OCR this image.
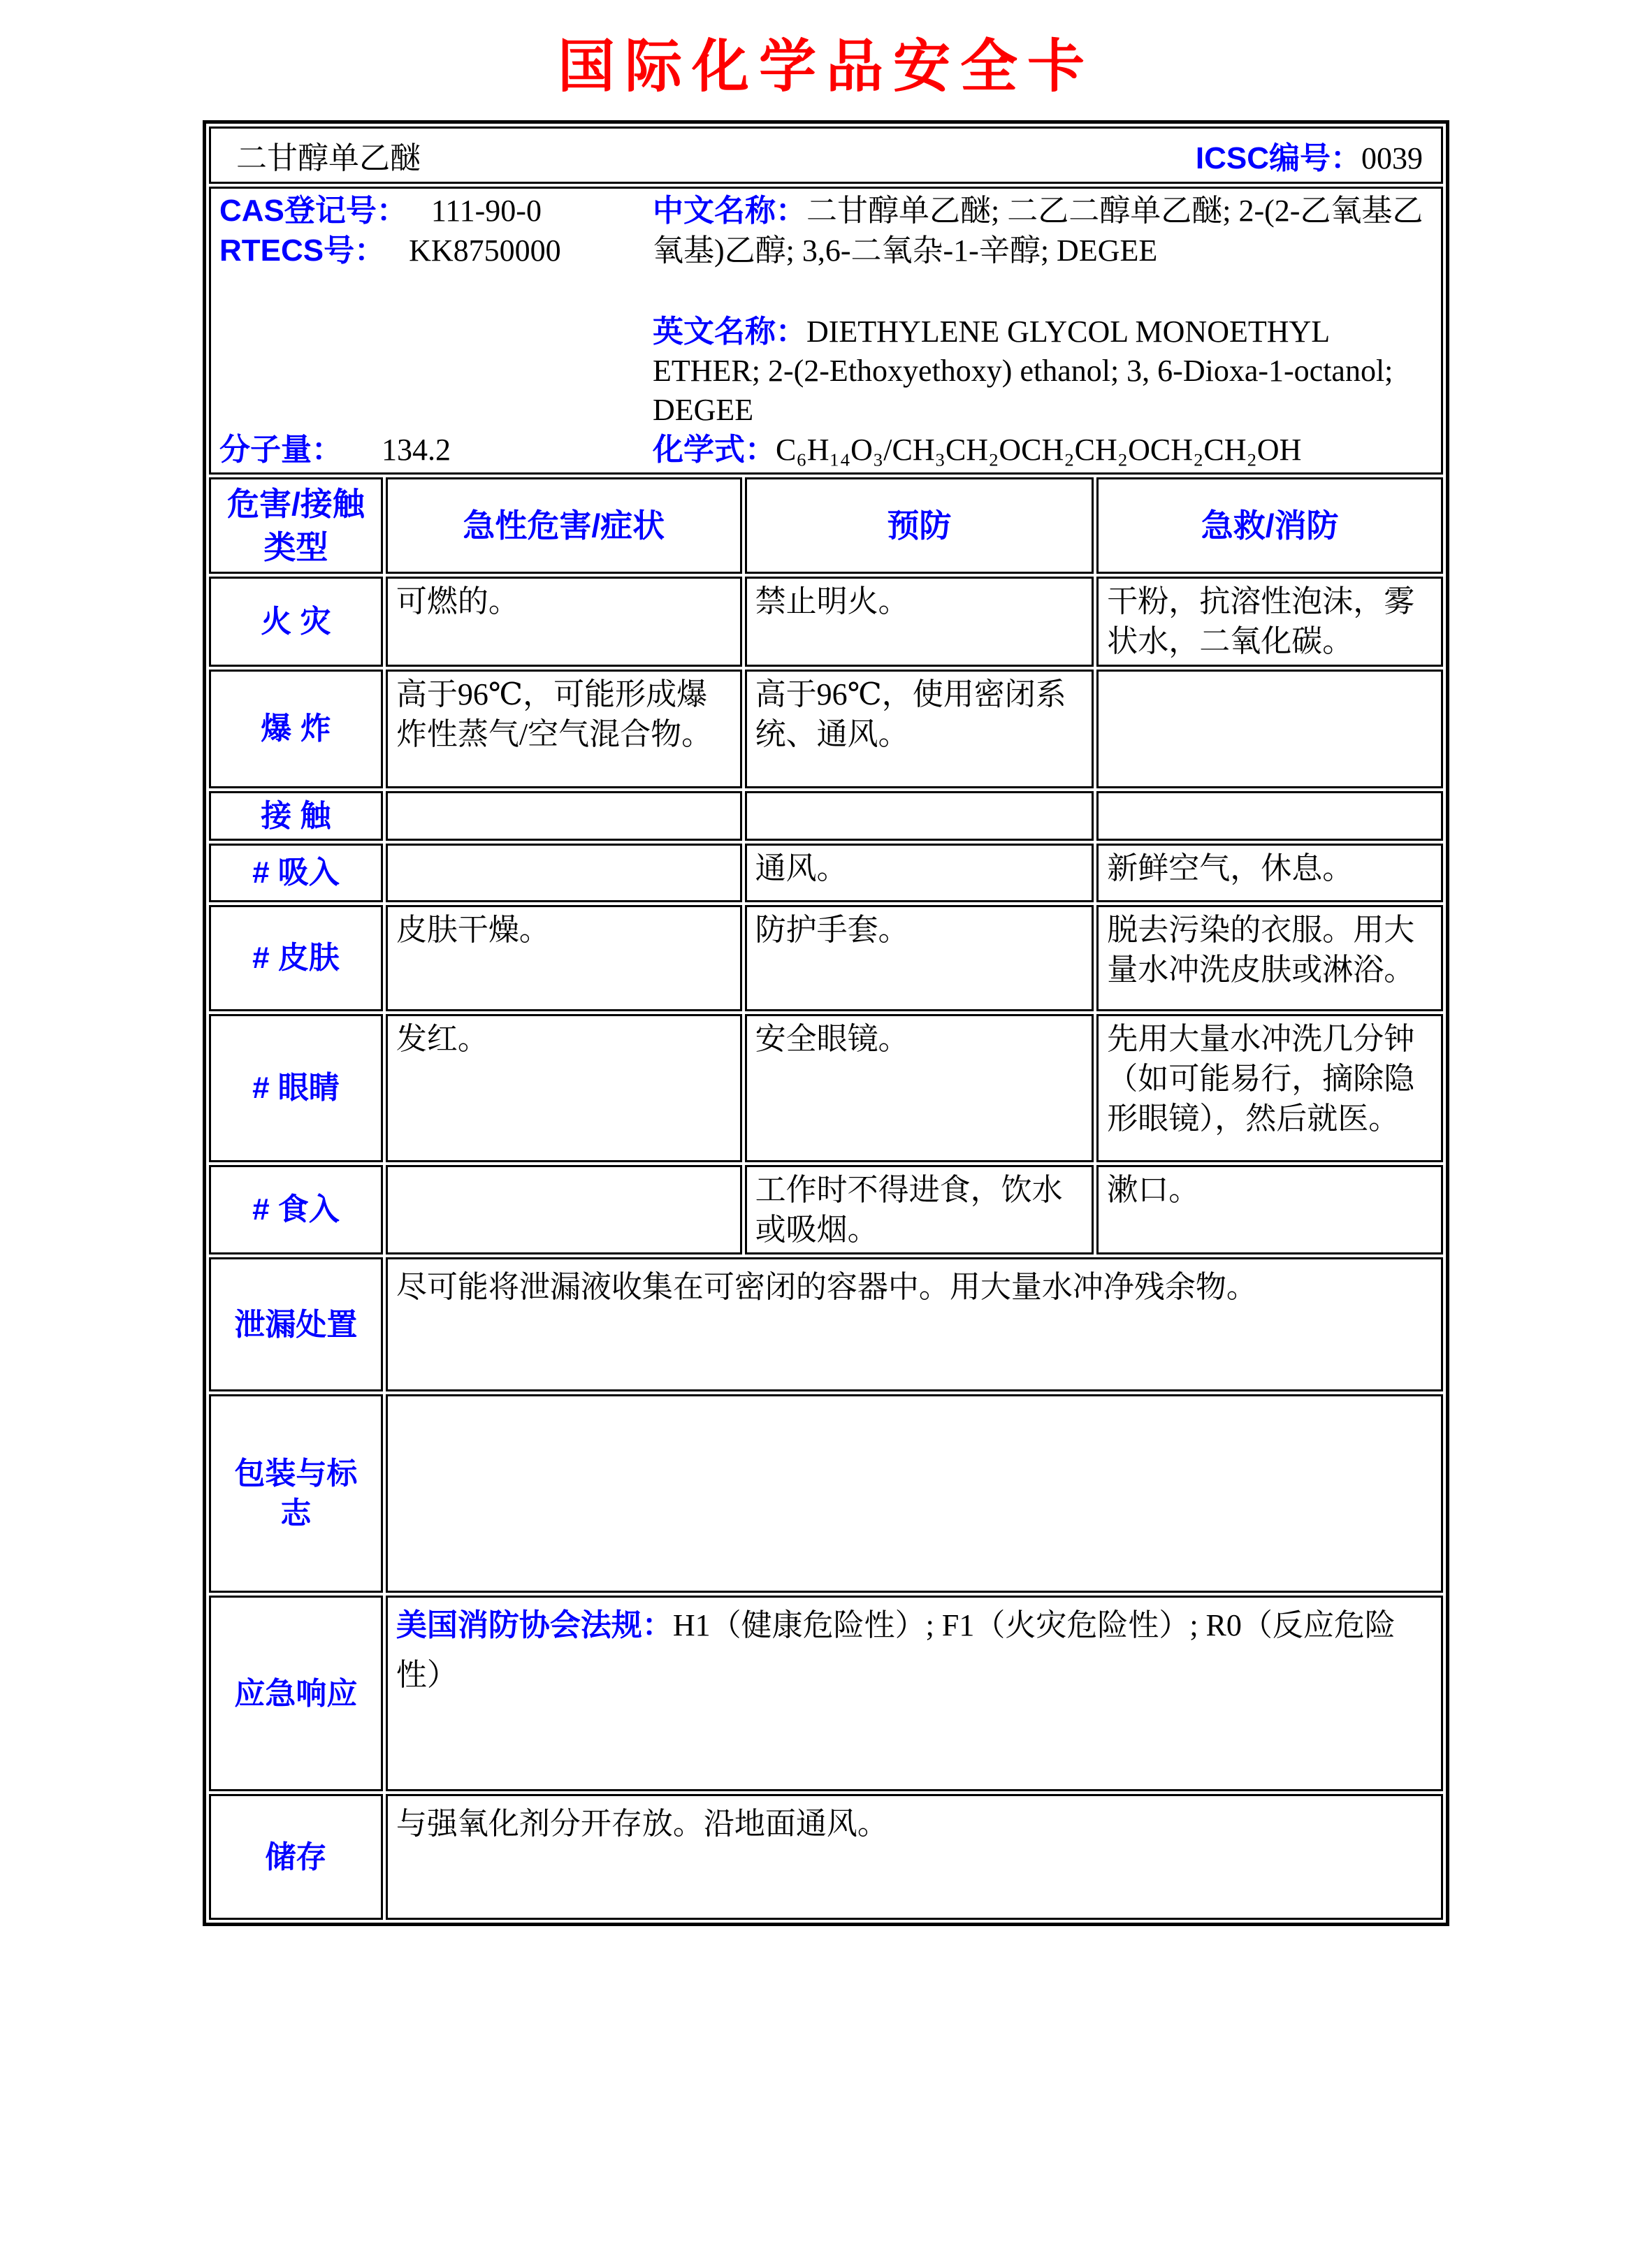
国际化学品安全卡
二甘醇单乙醚 ICSC编号：0039			

CAS登记号： 111-90-0

RTECS号： KK8750000

分子量： 134.2

中文名称：二甘醇单乙醚; 二乙二醇单乙醚; 2-(2-乙氧基乙氧基)乙醇; 3,6-二氧杂-1-辛醇; DEGEE

英文名称：DIETHYLENE GLYCOL MONOETHYL ETHER; 2-(2-Ethoxyethoxy) ethanol; 3, 6-Dioxa-1-octanol; DEGEE

化学式：C₆H₁₄O₃/CH₃CH₂OCH₂CH₂OCH₂CH₂OH

危害/接触类型	急性危害/症状	预防	急救/消防
火 灾	可燃的。	禁止明火。	干粉，抗溶性泡沫，雾状水，二氧化碳。
爆 炸	高于96℃，可能形成爆炸性蒸气/空气混合物。	高于96℃，使用密闭系统、通风。	
接 触			
# 吸入		通风。	新鲜空气，休息。
# 皮肤	皮肤干燥。	防护手套。	脱去污染的衣服。用大量水冲洗皮肤或淋浴。
# 眼睛	发红。	安全眼镜。	先用大量水冲洗几分钟（如可能易行，摘除隐形眼镜），然后就医。
# 食入		工作时不得进食，饮水或吸烟。	漱口。
泄漏处置	尽可能将泄漏液收集在可密闭的容器中。用大量水冲净残余物。		
包装与标志			
应急响应	美国消防协会法规：H1（健康危险性）; F1（火灾危险性）; R0（反应危险性）		
储存	与强氧化剂分开存放。沿地面通风。		
